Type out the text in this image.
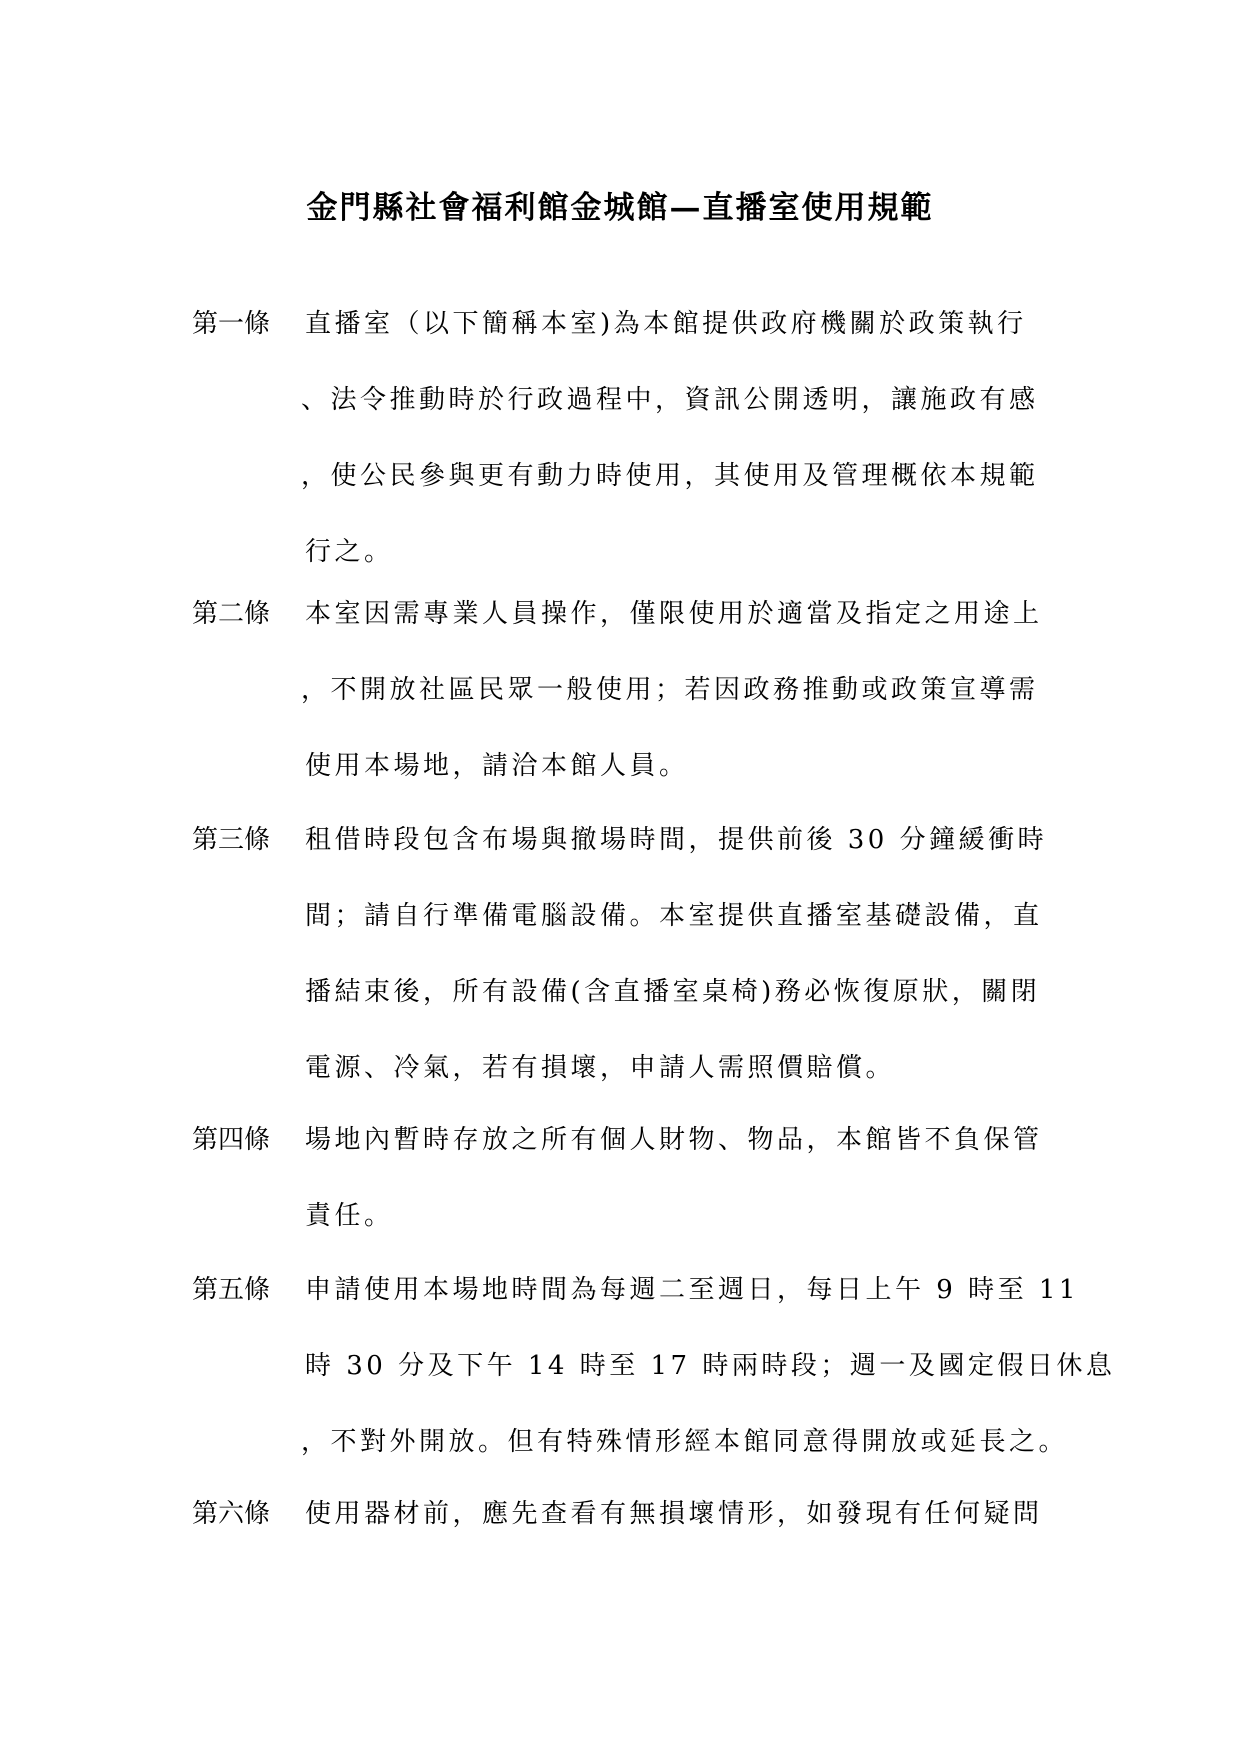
金門縣社會福利館金城館—直播室使用規範
第一條 直播室（以下簡稱本室)為本館提供政府機關於政策執行
、法令推動時於行政過程中，資訊公開透明，讓施政有感
，使公民參與更有動力時使用，其使用及管理概依本規範
行之。
第二條 本室因需專業人員操作，僅限使用於適當及指定之用途上
，不開放社區民眾一般使用；若因政務推動或政策宣導需
使用本場地，請洽本館人員。
第三條 租借時段包含布場與撤場時間，提供前後 30 分鐘緩衝時
間；請自行準備電腦設備。本室提供直播室基礎設備，直
播結束後，所有設備(含直播室桌椅)務必恢復原狀，關閉
電源、冷氣，若有損壞，申請人需照價賠償。
第四條 場地內暫時存放之所有個人財物、物品，本館皆不負保管
責任。
第五條 申請使用本場地時間為每週二至週日，每日上午 9 時至 11
時 30 分及下午 14 時至 17 時兩時段；週一及國定假日休息
，不對外開放。但有特殊情形經本館同意得開放或延長之。
第六條 使用器材前，應先查看有無損壞情形，如發現有任何疑問
